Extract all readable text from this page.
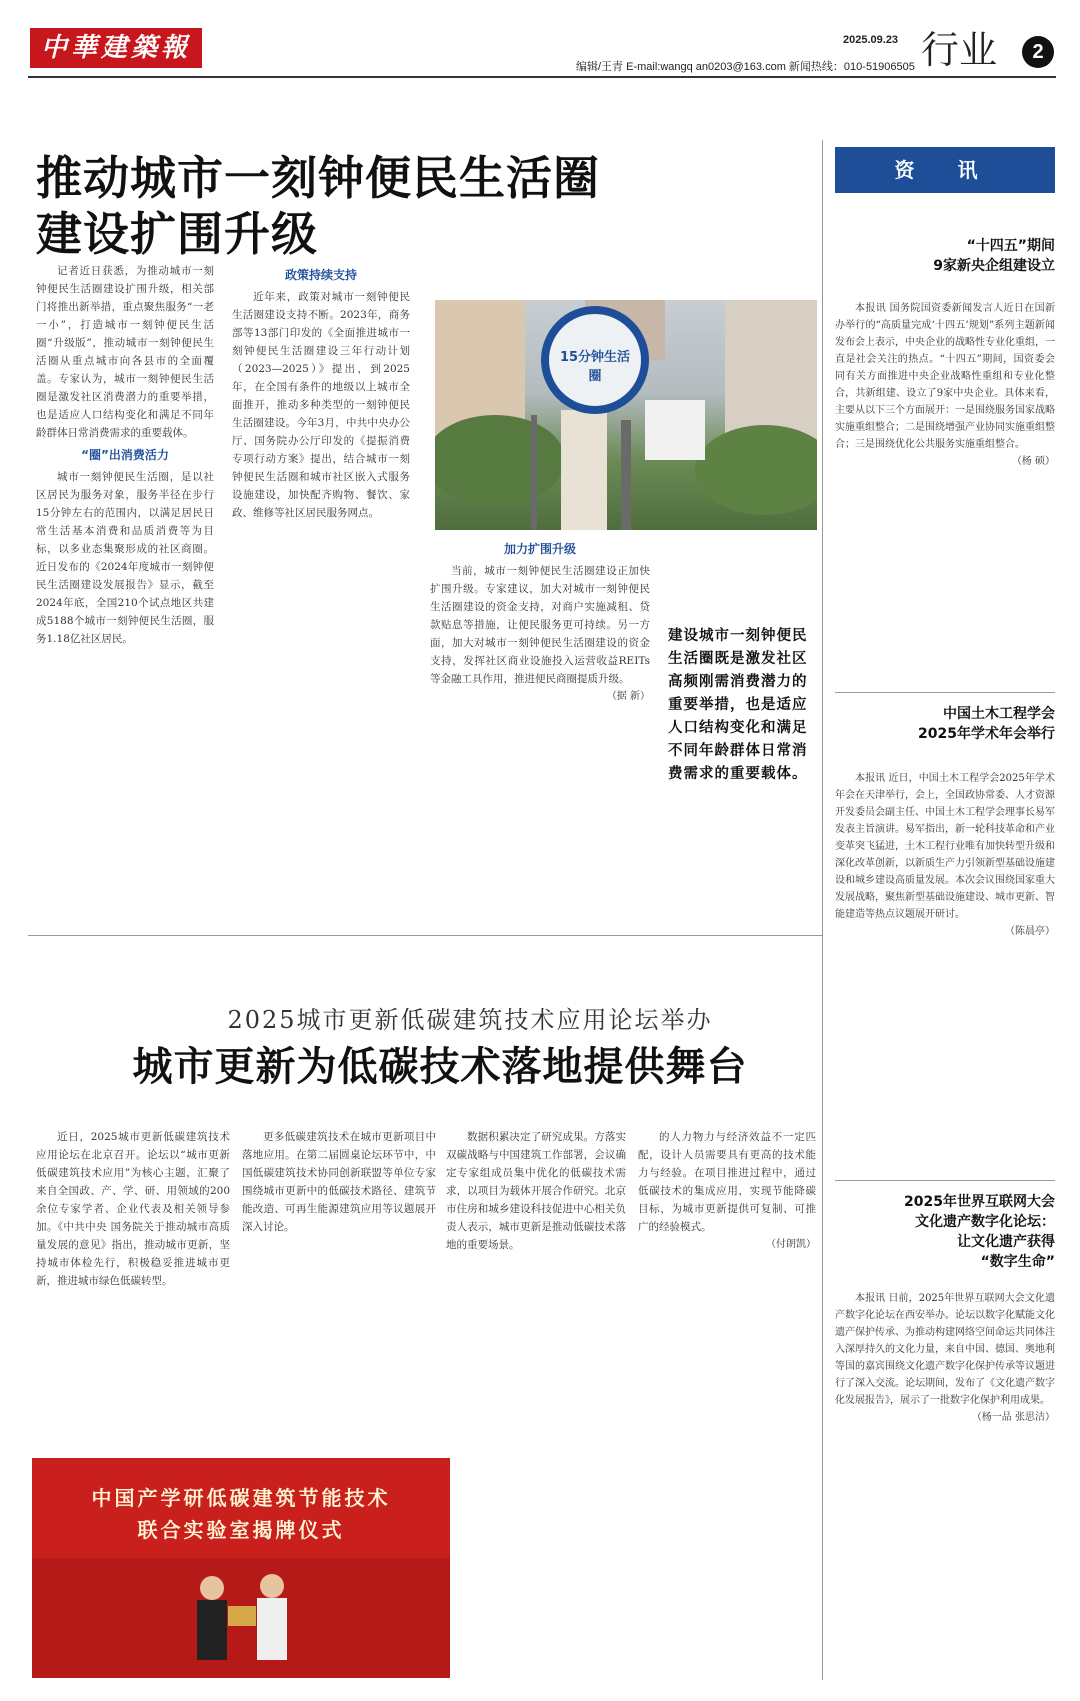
中華建築報	2025.09.23
编辑/王青 E-mail:wangq an0203@163.com 新闻热线：010-51906505 行业	2
推动城市一刻钟便民生活圈
建设扩围升级

记者近日获悉，为推动城市一刻钟便民生活圈建设扩围升级，相关部门将推出新举措，重点聚焦服务“一老一小”，打造城市一刻钟便民生活圈“升级版”，推动城市一刻钟便民生活圈从重点城市向各县市的全面覆盖。专家认为，城市一刻钟便民生活圈是激发社区消费潜力的重要举措，也是适应人口结构变化和满足不同年龄群体日常消费需求的重要载体。

“圈”出消费活力

城市一刻钟便民生活圈，是以社区居民为服务对象，服务半径在步行15分钟左右的范围内，以满足居民日常生活基本消费和品质消费等为目标，以多业态集聚形成的社区商圈。近日发布的《2024年度城市一刻钟便民生活圈建设发展报告》显示，截至2024年底，全国210个试点地区共建成5188个城市一刻钟便民生活圈，服务1.18亿社区居民。

政策持续支持

近年来，政策对城市一刻钟便民生活圈建设支持不断。2023年，商务部等13部门印发的《全面推进城市一刻钟便民生活圈建设三年行动计划（2023—2025）》提出，到2025年，在全国有条件的地级以上城市全面推开，推动多种类型的一刻钟便民生活圈建设。今年3月，中共中央办公厅、国务院办公厅印发的《提振消费专项行动方案》提出，结合城市一刻钟便民生活圈和城市社区嵌入式服务设施建设，加快配齐购物、餐饮、家政、维修等社区居民服务网点。

15分钟生活圈
加力扩围升级

当前，城市一刻钟便民生活圈建设正加快扩围升级。专家建议，加大对城市一刻钟便民生活圈建设的资金支持，对商户实施减租、贷款贴息等措施，让便民服务更可持续。另一方面，加大对城市一刻钟便民生活圈建设的资金支持，发挥社区商业设施投入运营收益REITs等金融工具作用，推进便民商圈提质升级。

（据 新）
建设城市一刻钟便民生活圈既是激发社区高频刚需消费潜力的重要举措，也是适应人口结构变化和满足不同年龄群体日常消费需求的重要载体。
资 讯
“十四五”期间
9家新央企组建设立

本报讯 国务院国资委新闻发言人近日在国新办举行的“高质量完成‘十四五’规划”系列主题新闻发布会上表示，中央企业的战略性专业化重组，一直是社会关注的热点。“十四五”期间，国资委会同有关方面推进中央企业战略性重组和专业化整合，共新组建、设立了9家中央企业。具体来看，主要从以下三个方面展开：一是围绕服务国家战略实施重组整合；二是围绕增强产业协同实施重组整合；三是围绕优化公共服务实施重组整合。

（杨 硕）
中国土木工程学会
2025年学术年会举行

本报讯 近日，中国土木工程学会2025年学术年会在天津举行，会上，全国政协常委、人才资源开发委员会副主任、中国土木工程学会理事长易军发表主旨演讲。易军指出，新一轮科技革命和产业变革突飞猛进，土木工程行业唯有加快转型升级和深化改革创新，以新质生产力引领新型基础设施建设和城乡建设高质量发展。本次会议围绕国家重大发展战略，聚焦新型基础设施建设、城市更新、智能建造等热点议题展开研讨。

（陈晨亭）
2025年世界互联网大会
文化遗产数字化论坛：
让文化遗产获得
“数字生命”

本报讯 日前，2025年世界互联网大会文化遗产数字化论坛在西安举办。论坛以数字化赋能文化遗产保护传承、为推动构建网络空间命运共同体注入深厚持久的文化力量，来自中国、德国、奥地利等国的嘉宾围绕文化遗产数字化保护传承等议题进行了深入交流。论坛期间，发布了《文化遗产数字化发展报告》，展示了一批数字化保护利用成果。

（杨一品 张思洁）
2025城市更新低碳建筑技术应用论坛举办
城市更新为低碳技术落地提供舞台

近日，2025城市更新低碳建筑技术应用论坛在北京召开。论坛以“城市更新低碳建筑技术应用”为核心主题，汇聚了来自全国政、产、学、研、用领域的200余位专家学者、企业代表及相关领导参加。《中共中央 国务院关于推动城市高质量发展的意见》指出，推动城市更新，坚持城市体检先行，积极稳妥推进城市更新，推进城市绿色低碳转型。

更多低碳建筑技术在城市更新项目中落地应用。在第二届圆桌论坛环节中，中国低碳建筑技术协同创新联盟等单位专家围绕城市更新中的低碳技术路径、建筑节能改造、可再生能源建筑应用等议题展开深入讨论。

中国产学研低碳建筑节能技术
联合实验室揭牌仪式

数据积累决定了研究成果。方落实双碳战略与中国建筑工作部署，会议确定专家组成员集中优化的低碳技术需求，以项目为载体开展合作研究。北京市住房和城乡建设科技促进中心相关负责人表示，城市更新是推动低碳技术落地的重要场景。

的人力物力与经济效益不一定匹配，设计人员需要具有更高的技术能力与经验。在项目推进过程中，通过低碳技术的集成应用，实现节能降碳目标，为城市更新提供可复制、可推广的经验模式。

（付朗凯）
